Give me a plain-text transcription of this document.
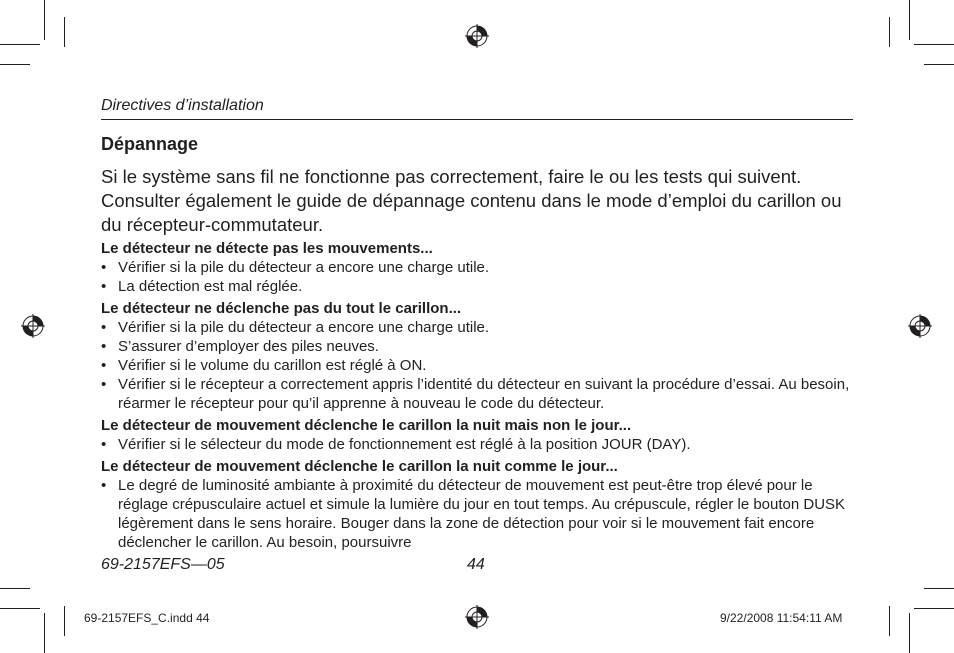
Directives d’installation
Dépannage
Si le système sans fil ne fonctionne pas correctement, faire le ou les tests qui suivent. Consulter également le guide de dépannage contenu dans le mode d’emploi du carillon ou du récepteur-commutateur.
Le détecteur ne détecte pas les mouvements...
• Vérifier si la pile du détecteur a encore une charge utile.
• La détection est mal réglée.
Le détecteur ne déclenche pas du tout le carillon...
• Vérifier si la pile du détecteur a encore une charge utile.
• S’assurer d’employer des piles neuves.
• Vérifier si le volume du carillon est réglé à ON.
• Vérifier si le récepteur a correctement appris l’identité du détecteur en suivant la procédure d’essai. Au besoin, réarmer le récepteur pour qu’il apprenne à nouveau le code du détecteur.
Le détecteur de mouvement déclenche le carillon la nuit mais non le jour...
• Vérifier si le sélecteur du mode de fonctionnement est réglé à la position JOUR (DAY).
Le détecteur de mouvement déclenche le carillon la nuit comme le jour...
• Le degré de luminosité ambiante à proximité du détecteur de mouvement est peut-être trop élevé pour le réglage crépusculaire actuel et simule la lumière du jour en tout temps. Au crépuscule, régler le bouton DUSK légèrement dans le sens horaire. Bouger dans la zone de détection pour voir si le mouvement fait encore déclencher le carillon. Au besoin, poursuivre
69-2157EFS—05	44
69-2157EFS_C.indd 44	9/22/2008 11:54:11 AM
